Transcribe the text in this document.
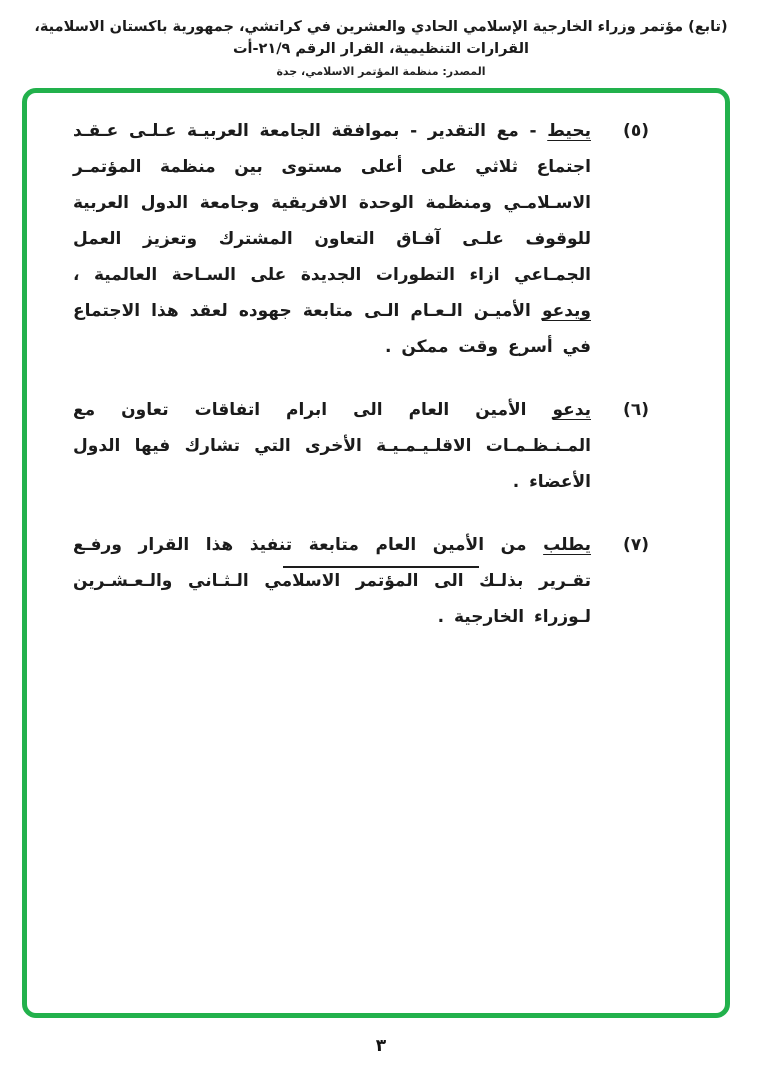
(تابع) مؤتمر وزراء الخارجية الإسلامي الحادي والعشرين في كراتشي، جمهورية باكستان الاسلامية، القرارات التنظيمية، القرار الرقم ٢١/٩-أت
المصدر: منظمة المؤتمر الاسلامي، جدة
(٥)

يحيط - مع التقدير - بموافقة الجامعة العربيـة عـلـى عـقـد اجتماع ثلاثي على أعلى مستوى بين منظمة المؤتمـر الاسـلامـي ومنظمة الوحدة الافريقية وجامعة الدول العربية للوقوف علـى آفـاق التعاون المشترك وتعزيز العمل الجمـاعي ازاء التطورات الجديدة على السـاحة العالمية ، ويدعو الأميـن الـعـام الـى متابعة جهوده لعقد هذا الاجتماع في أسرع وقت ممكن .

(٦)

يدعو الأمين العام الى ابرام اتفاقات تعاون مع المـنـظـمـات الاقلـيـمـيـة الأخرى التي تشارك فيها الدول الأعضاء .

(٧)

يطلب من الأمين العام متابعة تنفيذ هذا القرار ورفـع تقـرير بذلـك الى المؤتمر الاسلامي الـثـاني والـعـشـرين لـوزراء الخارجية .

٣
